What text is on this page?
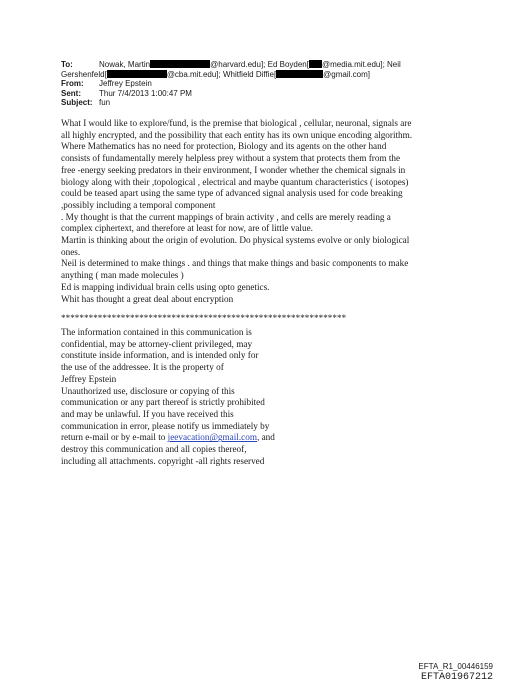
To:	Nowak, Martin	@harvard.edu]; Ed Boyden[ @media.mit.edu]; Neil
Gershenfeld[	@cba.mit.edu]; Whitfield Diffie[	@gmail.com]
From:	Jeffrey Epstein
Sent:	Thur 7/4/2013 1:00:47 PM
Subject: fun

What I would like to explore/fund, is the premise that biological , cellular, neuronal, signals are

all highly encrypted, and the possibility that each entity has its own unique encoding algorithm.

Where Mathematics has no need for protection, Biology and its agents on the other hand

consists of fundamentally merely helpless prey without a system that protects them from the

free -energy seeking predators in their environment, I wonder whether the chemical signals in

biology along with their ,topological , electrical and maybe quantum characteristics ( isotopes)

could be teased apart using the same type of advanced signal analysis used for code breaking

,possibly including a temporal component

. My thought is that the current mappings of brain activity , and cells are merely reading a

complex ciphertext, and therefore at least for now, are of little value.

Martin is thinking about the origin of evolution. Do physical systems evolve or only biological

ones.

Neil is determined to make things . and things that make things and basic components to make

anything ( man made molecules )

Ed is mapping individual brain cells using opto genetics.

Whit has thought a great deal about encryption

**************************************************************

The information contained in this communication is

confidential, may be attorney-client privileged, may

constitute inside information, and is intended only for

the use of the addressee. It is the property of

Jeffrey Epstein

Unauthorized use, disclosure or copying of this

communication or any part thereof is strictly prohibited

and may be unlawful. If you have received this

communication in error, please notify us immediately by

return e-mail or by e-mail to jeevacation@gmail.com, and

destroy this communication and all copies thereof,

including all attachments. copyright -all rights reserved

EFTA_R1_00446159
EFTA01967212
